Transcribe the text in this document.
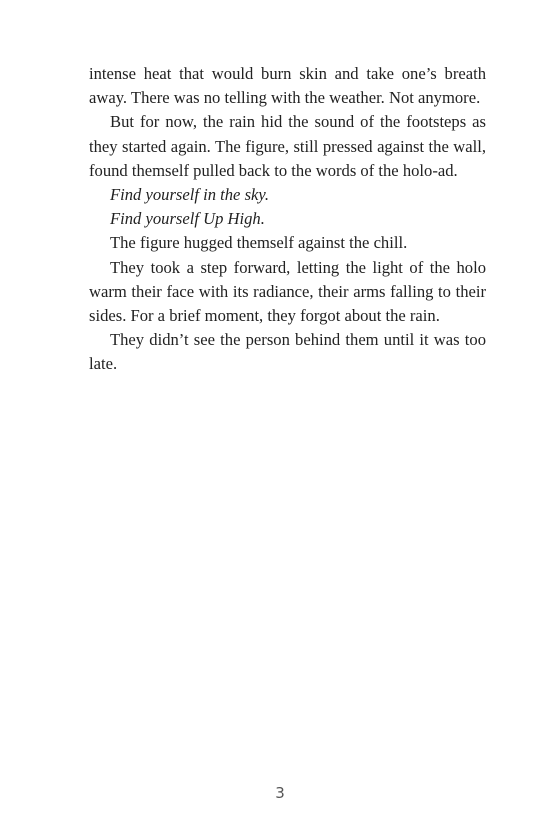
intense heat that would burn skin and take one’s breath away. There was no telling with the weather. Not anymore.

But for now, the rain hid the sound of the footsteps as they started again. The figure, still pressed against the wall, found themself pulled back to the words of the holo-ad.

Find yourself in the sky.

Find yourself Up High.

The figure hugged themself against the chill.

They took a step forward, letting the light of the holo warm their face with its radiance, their arms falling to their sides. For a brief moment, they forgot about the rain.

They didn’t see the person behind them until it was too late.

3
